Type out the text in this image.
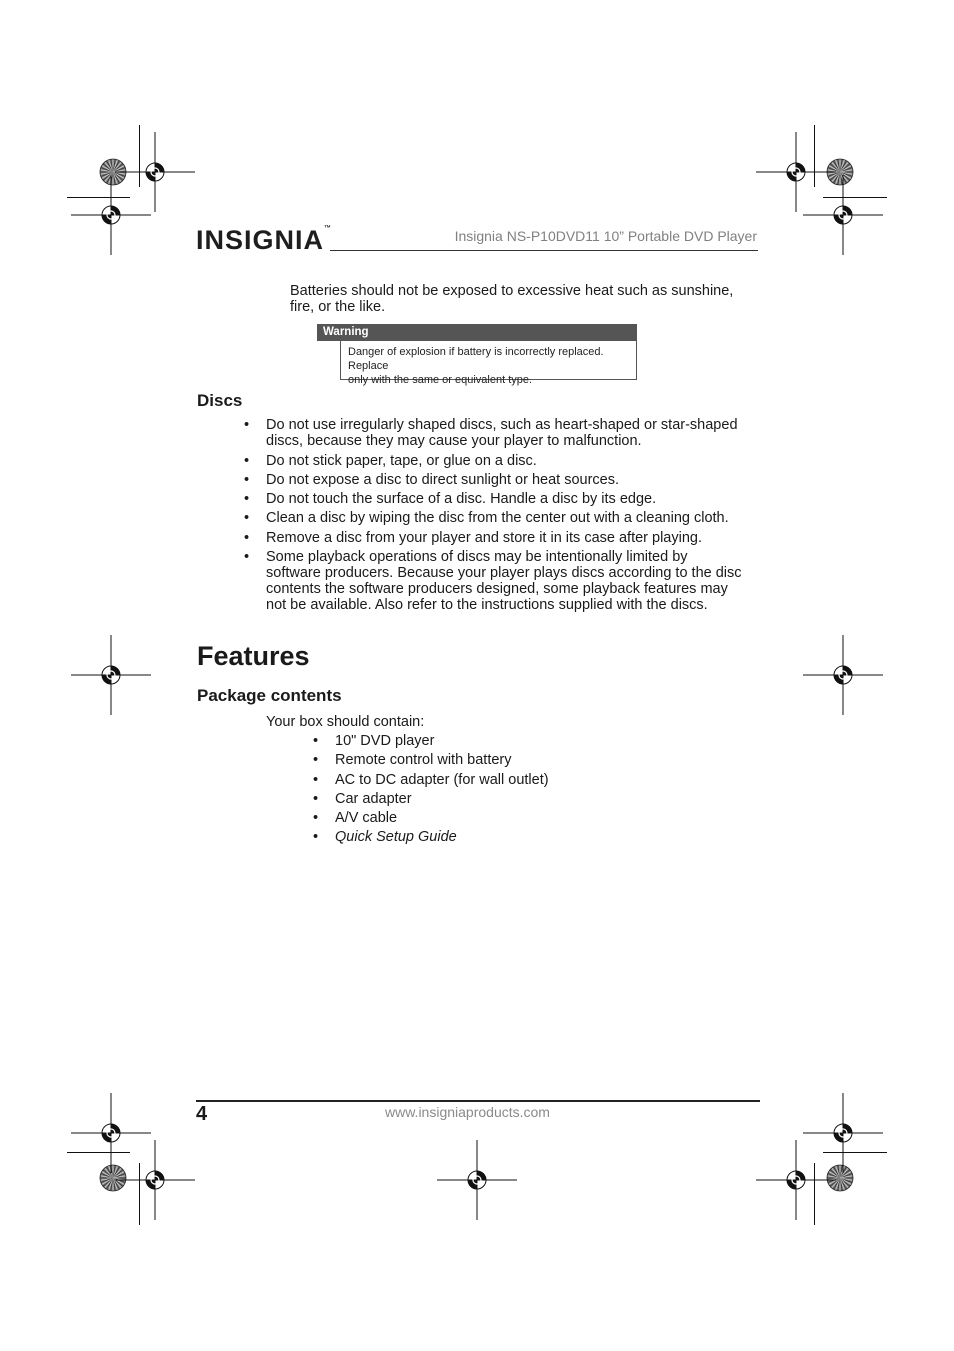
INSIGNIA™	Insignia NS-P10DVD11 10” Portable DVD Player
Batteries should not be exposed to excessive heat such as sunshine,
fire, or the like.
Warning
Danger of explosion if battery is incorrectly replaced. Replace
only with the same or equivalent type.
Discs
• Do not use irregularly shaped discs, such as heart-shaped or star-shaped
discs, because they may cause your player to malfunction.
• Do not stick paper, tape, or glue on a disc.
• Do not expose a disc to direct sunlight or heat sources.
• Do not touch the surface of a disc. Handle a disc by its edge.
• Clean a disc by wiping the disc from the center out with a cleaning cloth.
• Remove a disc from your player and store it in its case after playing.
• Some playback operations of discs may be intentionally limited by
software producers. Because your player plays discs according to the disc
contents the software producers designed, some playback features may
not be available. Also refer to the instructions supplied with the discs.
Features
Package contents
Your box should contain:
• 10" DVD player
• Remote control with battery
• AC to DC adapter (for wall outlet)
• Car adapter
• A/V cable
• Quick Setup Guide
4	www.insigniaproducts.com
